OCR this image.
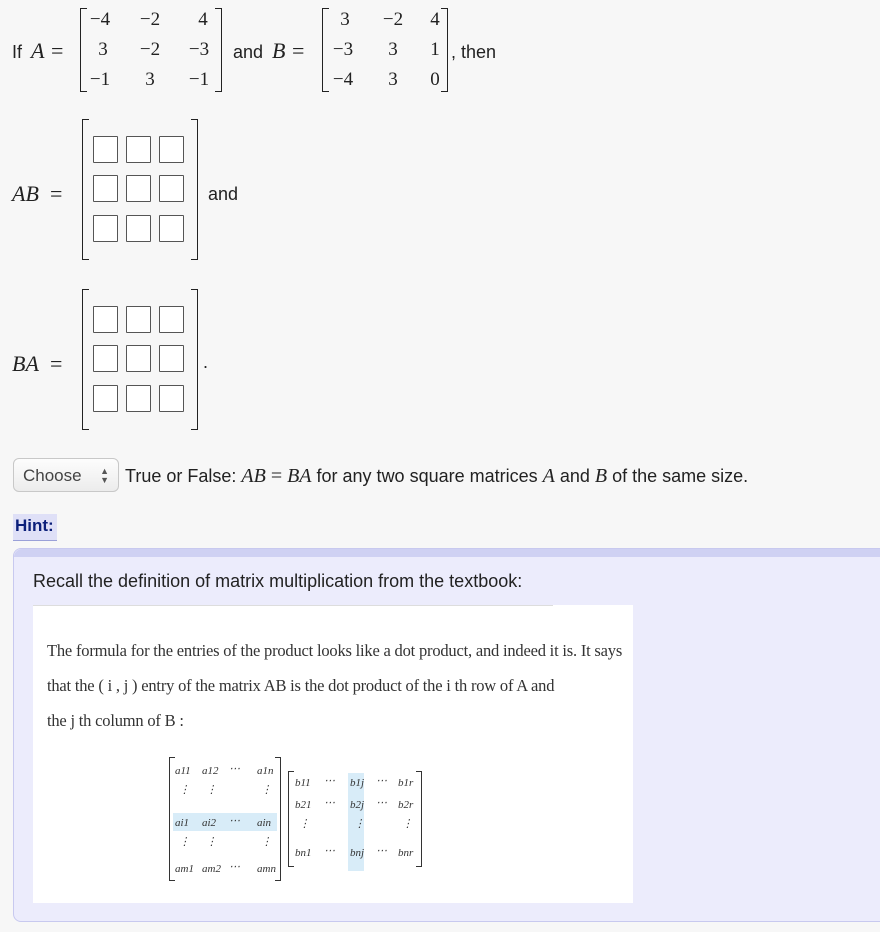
If A =
−4	−2	4
3	−2	−3
−1	3	−1
and B =
3	−2	4
−3	3	1
−4	3	0
, then
AB =	and
BA =	.
Choose ▲
▼ True or False: AB = BA for any two square matrices A and B of the same size.
Hint:
Recall the definition of matrix multiplication from the textbook:

The formula for the entries of the product looks like a dot product, and indeed it is. It says

that the ( i , j ) entry of the matrix AB is the dot product of the i th row of A and

the j th column of B :

a11 a12 ⋯ a1n
⋮ ⋮	⋮
ai1 ai2 ⋯ ain
⋮ ⋮	⋮
am1 am2 ⋯ amn
b11 ⋯ b1j ⋯ b1r
b21 ⋯ b2j ⋯ b2r
⋮	⋮	⋮
bn1 ⋯ bnj ⋯ bnr
